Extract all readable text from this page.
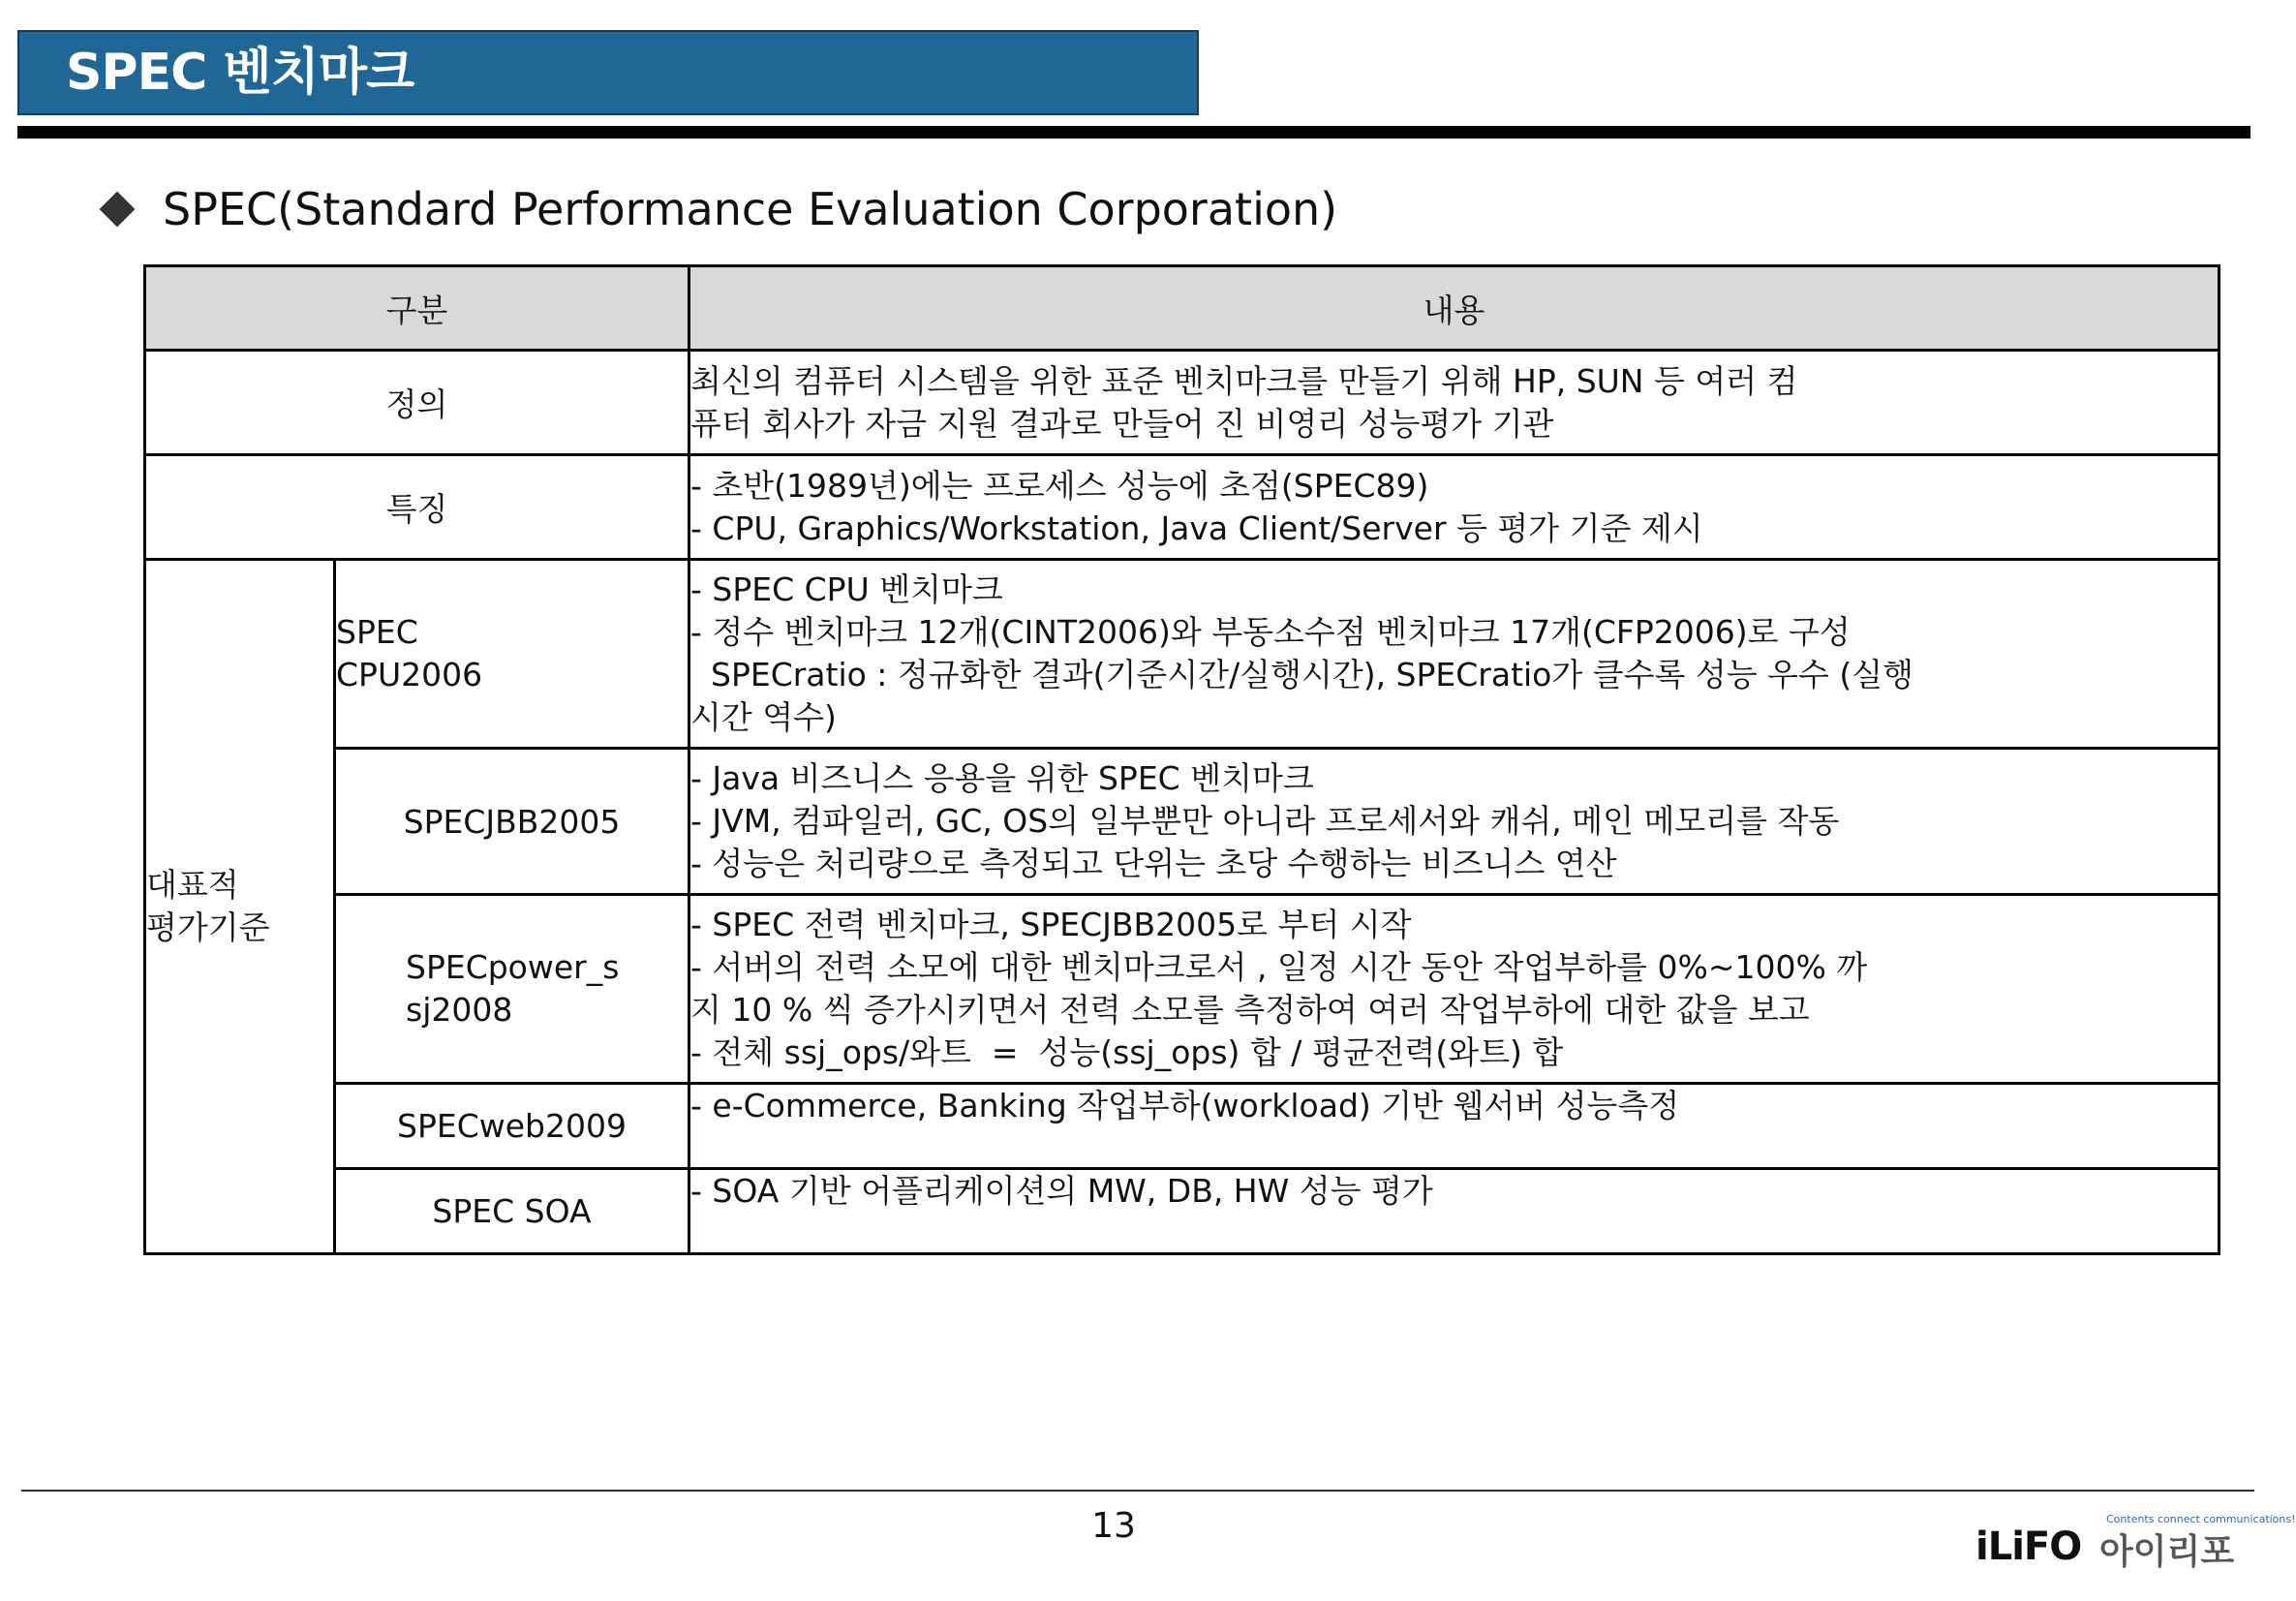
SPEC 벤치마크
SPEC(Standard Performance Evaluation Corporation)
구분		내용
정의		최신의 컴퓨터 시스템을 위한 표준 벤치마크를 만들기 위해 HP, SUN 등 여러 컴
퓨터 회사가 자금 지원 결과로 만들어 진 비영리 성능평가 기관

특징		- 초반(1989년)에는 프로세스 성능에 초점(SPEC89)
- CPU, Graphics/Workstation, Java Client/Server 등 평가 기준 제시

대표적
평가기준	SPEC
CPU2006	- SPEC CPU 벤치마크
- 정수 벤치마크 12개(CINT2006)와 부동소수점 벤치마크 17개(CFP2006)로 구성
SPECratio : 정규화한 결과(기준시간/실행시간), SPECratio가 클수록 성능 우수 (실행
시간 역수)

	SPECJBB2005	- Java 비즈니스 응용을 위한 SPEC 벤치마크
- JVM, 컴파일러, GC, OS의 일부뿐만 아니라 프로세서와 캐쉬, 메인 메모리를 작동
- 성능은 처리량으로 측정되고 단위는 초당 수행하는 비즈니스 연산

	SPECpower_s
sj2008	- SPEC 전력 벤치마크, SPECJBB2005로 부터 시작
- 서버의 전력 소모에 대한 벤치마크로서 , 일정 시간 동안 작업부하를 0%~100% 까
지 10 % 씩 증가시키면서 전력 소모를 측정하여 여러 작업부하에 대한 값을 보고
- 전체 ssj_ops/와트  =  성능(ssj_ops) 합 / 평균전력(와트) 합

	SPECweb2009	- e-Commerce, Banking 작업부하(workload) 기반 웹서버 성능측정

	SPEC SOA	- SOA 기반 어플리케이션의 MW, DB, HW 성능 평가
13	Contents connect communications!
iLiFO 아이리포
